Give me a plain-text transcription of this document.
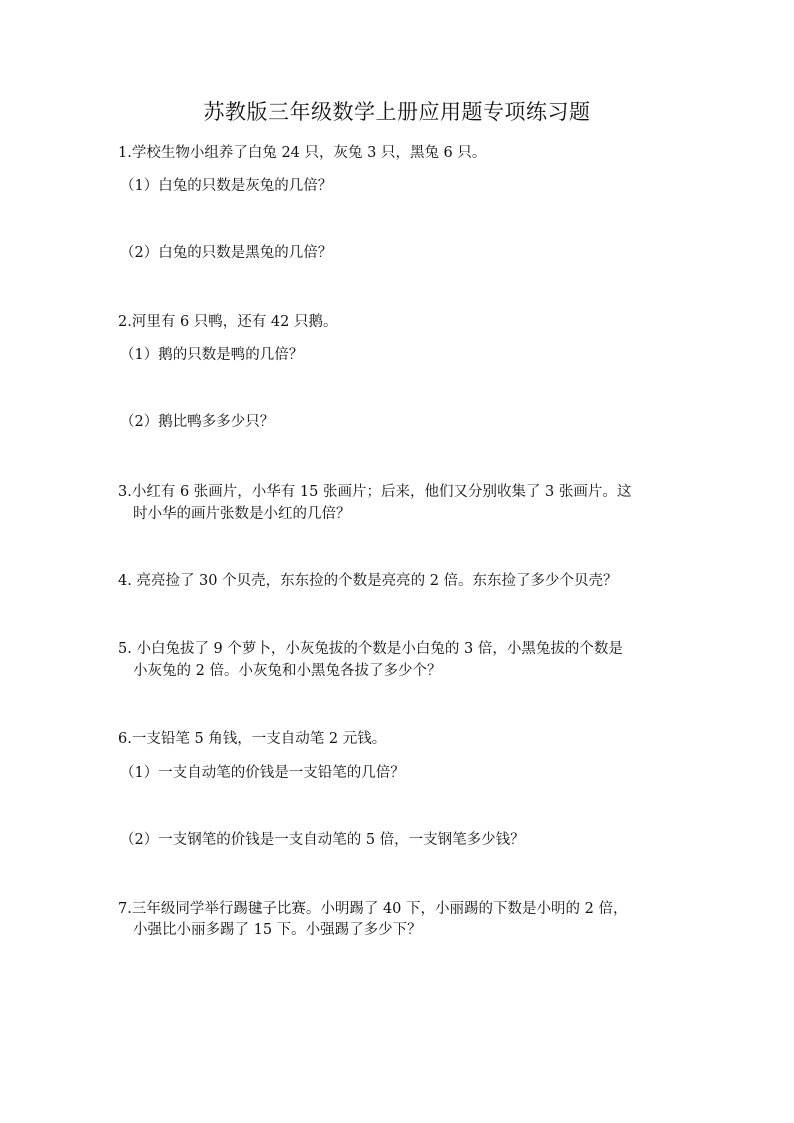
苏教版三年级数学上册应用题专项练习题
1.学校生物小组养了白兔 24 只，灰兔 3 只，黑兔 6 只。
（1）白兔的只数是灰兔的几倍？
（2）白兔的只数是黑兔的几倍？
2.河里有 6 只鸭，还有 42 只鹅。
（1）鹅的只数是鸭的几倍？
（2）鹅比鸭多多少只？
3.小红有 6 张画片，小华有 15 张画片；后来，他们又分别收集了 3 张画片。这
时小华的画片张数是小红的几倍？
4. 亮亮捡了 30 个贝壳，东东捡的个数是亮亮的 2 倍。东东捡了多少个贝壳？
5. 小白兔拔了 9 个萝卜，小灰兔拔的个数是小白兔的 3 倍，小黑兔拔的个数是
小灰兔的 2 倍。小灰兔和小黑兔各拔了多少个？
6.一支铅笔 5 角钱，一支自动笔 2 元钱。
（1）一支自动笔的价钱是一支铅笔的几倍？
（2）一支钢笔的价钱是一支自动笔的 5 倍，一支钢笔多少钱？
7.三年级同学举行踢毽子比赛。小明踢了 40 下，小丽踢的下数是小明的 2 倍，
小强比小丽多踢了 15 下。小强踢了多少下？
